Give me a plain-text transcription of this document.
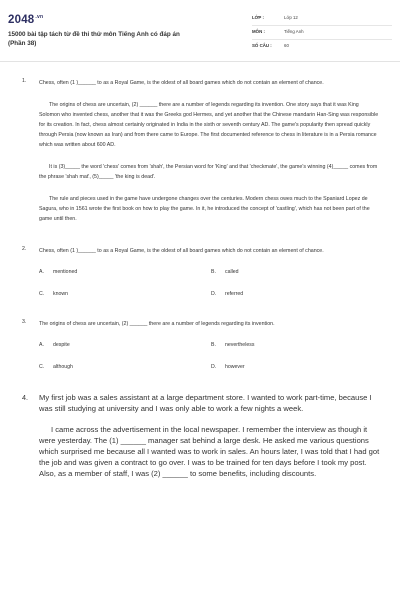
$2048^{.vn}$
15000 bài tập tách từ đề thi thử môn Tiếng Anh có đáp án
(Phần 38)
LỚP :	Lớp 12
MÔN :	Tiếng Anh
SỐ CÂU :	60
1. Chess, often (1 )______ to as a Royal Game, is the oldest of all board games which do not contain an element of chance.
The origins of chess are uncertain, (2) ______ there are a number of legends regarding its invention. One story says that it was King Solomon who invented chess, another that it was the Greeks god Hermes, and yet another that the Chinese mandarin Han-Sing was responsible for its creation. In fact, chess almost certainly originated in India in the sixth or seventh century AD. The game's popularity then spread quickly through Persia (now known as Iran) and from there came to Europe. The first documented reference to chess in literature is in a Persia romance which was written about 600 AD.
It is (3)_____ the word 'chess' comes from 'shah', the Persian word for 'King' and that 'checkmate', the game's winning (4)_____ comes from the phrase 'shah mat', (5)_____ 'the king is dead'.
The rule and pieces used in the game have undergone changes over the centuries. Modern chess owes much to the Spaniard Lopez de Sagura, who in 1561 wrote the first book on how to play the game. In it, he introduced the concept of 'castling', which has not been part of the game until then.
2. Chess, often (1 )______ to as a Royal Game, is the oldest of all board games which do not contain an element of chance.
A. mentioned	B. called
C. known	D. referred
3. The origins of chess are uncertain, (2) ______ there are a number of legends regarding its invention.
A. despite	B. nevertheless
C. although	D. however
4. My first job was a sales assistant at a large department store. I wanted to work part-time, because I was still studying at university and I was only able to work a few nights a week.
I came across the advertisement in the local newspaper. I remember the interview as though it were yesterday. The (1) ______ manager sat behind a large desk. He asked me various questions which surprised me because all I wanted was to work in sales. An hours later, I was told that I had got the job and was given a contract to go over. I was to be trained for ten days before I took my post. Also, as a member of staff, I was (2) ______ to some benefits, including discounts.
